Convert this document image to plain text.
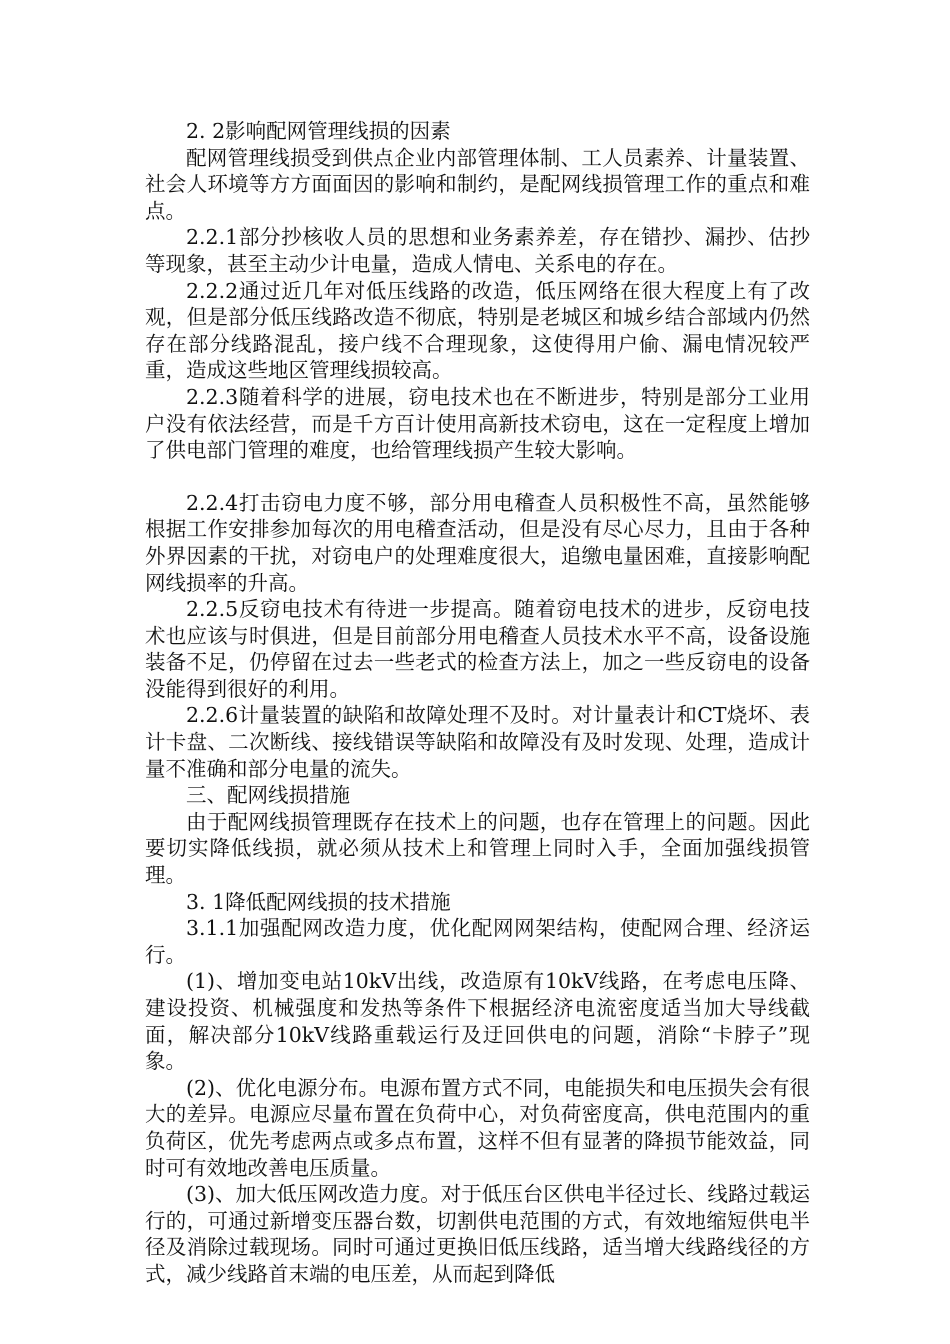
2. 2影响配网管理线损的因素

配网管理线损受到供点企业内部管理体制、工人员素养、计量装置、社会人环境等方方面面因的影响和制约，是配网线损管理工作的重点和难点。

2.2.1部分抄核收人员的思想和业务素养差，存在错抄、漏抄、估抄等现象，甚至主动少计电量，造成人情电、关系电的存在。

2.2.2通过近几年对低压线路的改造，低压网络在很大程度上有了改观，但是部分低压线路改造不彻底，特别是老城区和城乡结合部域内仍然存在部分线路混乱，接户线不合理现象，这使得用户偷、漏电情况较严重，造成这些地区管理线损较高。

2.2.3随着科学的进展，窃电技术也在不断进步，特别是部分工业用户没有依法经营，而是千方百计使用高新技术窃电，这在一定程度上增加了供电部门管理的难度，也给管理线损产生较大影响。

2.2.4打击窃电力度不够，部分用电稽查人员积极性不高，虽然能够根据工作安排参加每次的用电稽查活动，但是没有尽心尽力，且由于各种外界因素的干扰，对窃电户的处理难度很大，追缴电量困难，直接影响配网线损率的升高。

2.2.5反窃电技术有待进一步提高。随着窃电技术的进步，反窃电技术也应该与时俱进，但是目前部分用电稽查人员技术水平不高，设备设施装备不足，仍停留在过去一些老式的检查方法上，加之一些反窃电的设备没能得到很好的利用。

2.2.6计量装置的缺陷和故障处理不及时。对计量表计和CT烧坏、表计卡盘、二次断线、接线错误等缺陷和故障没有及时发现、处理，造成计量不准确和部分电量的流失。

三、配网线损措施

由于配网线损管理既存在技术上的问题，也存在管理上的问题。因此要切实降低线损，就必须从技术上和管理上同时入手，全面加强线损管理。

3. 1降低配网线损的技术措施

3.1.1加强配网改造力度，优化配网网架结构，使配网合理、经济运行。

(1)、增加变电站10kV出线，改造原有10kV线路，在考虑电压降、建设投资、机械强度和发热等条件下根据经济电流密度适当加大导线截面，解决部分10kV线路重载运行及迂回供电的问题，消除“卡脖子”现象。

(2)、优化电源分布。电源布置方式不同，电能损失和电压损失会有很大的差异。电源应尽量布置在负荷中心，对负荷密度高，供电范围内的重负荷区，优先考虑两点或多点布置，这样不但有显著的降损节能效益，同时可有效地改善电压质量。

(3)、加大低压网改造力度。对于低压台区供电半径过长、线路过载运行的，可通过新增变压器台数，切割供电范围的方式，有效地缩短供电半径及消除过载现场。同时可通过更换旧低压线路，适当增大线路线径的方式，减少线路首末端的电压差，从而起到降低
